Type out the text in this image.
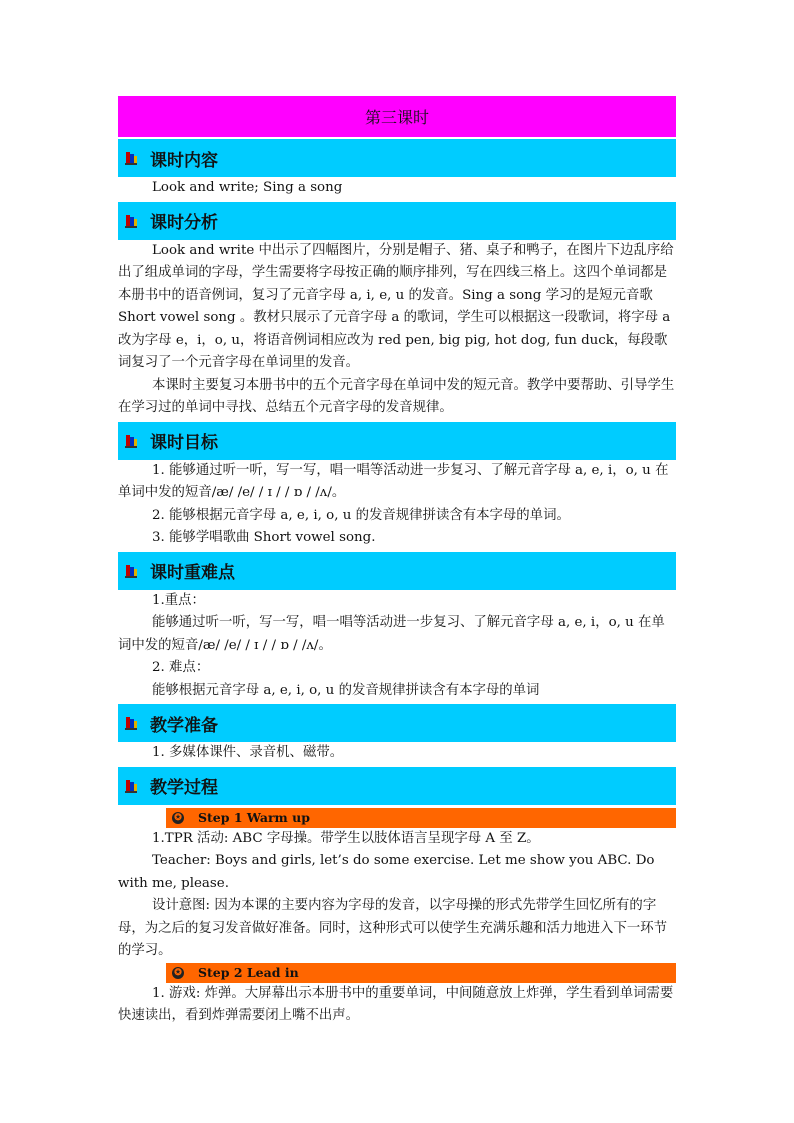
第三课时
课时内容

Look and write; Sing a song

课时分析

Look and write 中出示了四幅图片，分别是帽子、猪、桌子和鸭子，在图片下边乱序给出了组成单词的字母，学生需要将字母按正确的顺序排列，写在四线三格上。这四个单词都是本册书中的语音例词，复习了元音字母 a, i, e, u 的发音。Sing a song 学习的是短元音歌 Short vowel song 。教材只展示了元音字母 a 的歌词，学生可以根据这一段歌词，将字母 a 改为字母 e，i，o, u，将语音例词相应改为 red pen, big pig, hot dog, fun duck，每段歌词复习了一个元音字母在单词里的发音。

本课时主要复习本册书中的五个元音字母在单词中发的短元音。教学中要帮助、引导学生在学习过的单词中寻找、总结五个元音字母的发音规律。

课时目标

1. 能够通过听一听，写一写，唱一唱等活动进一步复习、了解元音字母 a, e, i，o, u 在单词中发的短音/æ/ /e/ / ɪ / / ɒ / /ʌ/。

2. 能够根据元音字母 a, e, i, o, u 的发音规律拼读含有本字母的单词。

3. 能够学唱歌曲 Short vowel song.

课时重难点

1.重点：

能够通过听一听，写一写，唱一唱等活动进一步复习、了解元音字母 a, e, i，o, u 在单词中发的短音/æ/ /e/ / ɪ / / ɒ / /ʌ/。

2. 难点：

能够根据元音字母 a, e, i, o, u 的发音规律拼读含有本字母的单词

教学准备

1. 多媒体课件、录音机、磁带。

教学过程
✪ Step 1 Warm up

1.TPR 活动: ABC 字母操。带学生以肢体语言呈现字母 A 至 Z。

Teacher: Boys and girls, let’s do some exercise. Let me show you ABC. Do with me, please.

设计意图: 因为本课的主要内容为字母的发音，以字母操的形式先带学生回忆所有的字母，为之后的复习发音做好准备。同时，这种形式可以使学生充满乐趣和活力地进入下一环节的学习。

✪ Step 2 Lead in

1. 游戏: 炸弹。大屏幕出示本册书中的重要单词，中间随意放上炸弹，学生看到单词需要快速读出，看到炸弹需要闭上嘴不出声。
